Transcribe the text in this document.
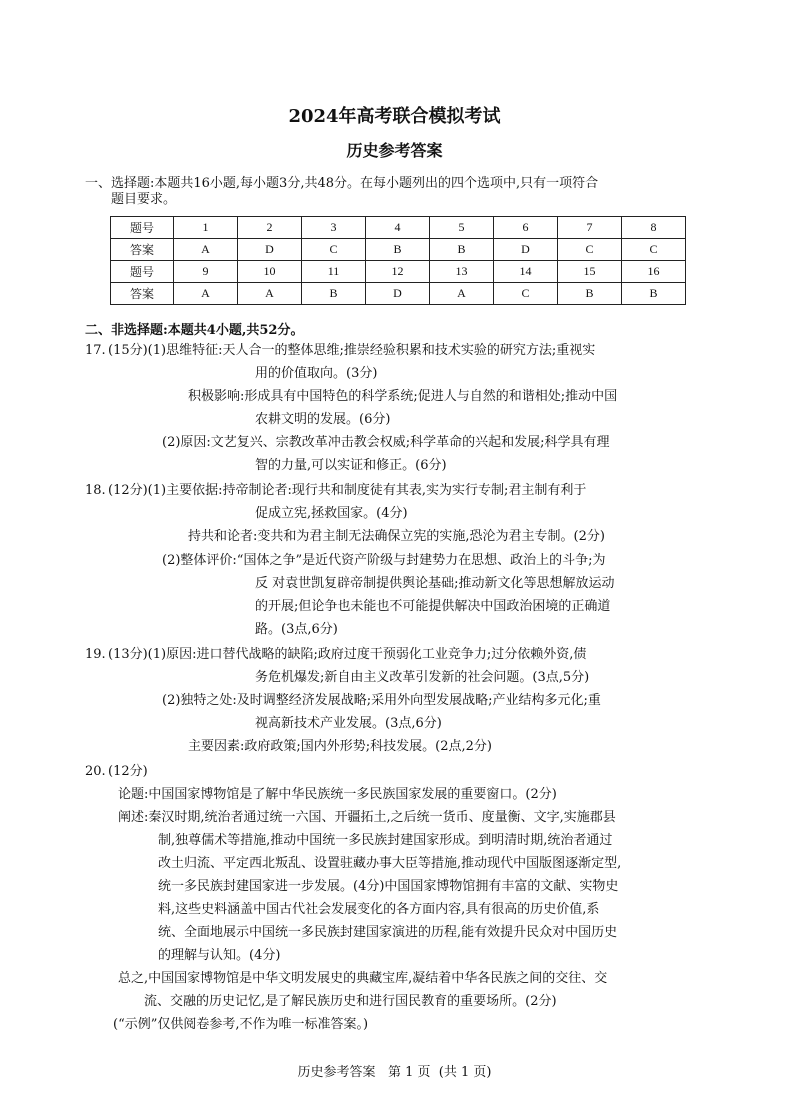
2024年高考联合模拟考试
历史参考答案
一、选择题:本题共16小题,每小题3分,共48分。在每小题列出的四个选项中,只有一项符合
题目要求。
题号	1	2	3	4	5	6	7	8
答案	A	D	C	B	B	D	C	C
题号	9	10	11	12	13	14	15	16
答案	A	A	B	D	A	C	B	B
二、非选择题:本题共4小题,共52分。
17. (15分)(1)思维特征:天人合一的整体思维;推崇经验积累和技术实验的研究方法;重视实
用的价值取向。(3分)
积极影响:形成具有中国特色的科学系统;促进人与自然的和谐相处;推动中国
农耕文明的发展。(6分)
(2)原因:文艺复兴、宗教改革冲击教会权威;科学革命的兴起和发展;科学具有理
智的力量,可以实证和修正。(6分)
18. (12分)(1)主要依据:持帝制论者:现行共和制度徒有其表,实为实行专制;君主制有利于
促成立宪,拯救国家。(4分)
持共和论者:变共和为君主制无法确保立宪的实施,恐沦为君主专制。(2分)
(2)整体评价:“国体之争”是近代资产阶级与封建势力在思想、政治上的斗争;为
反 对袁世凯复辟帝制提供舆论基础;推动新文化等思想解放运动
的开展;但论争也未能也不可能提供解决中国政治困境的正确道
路。(3点,6分)
19. (13分)(1)原因:进口替代战略的缺陷;政府过度干预弱化工业竞争力;过分依赖外资,债
务危机爆发;新自由主义改革引发新的社会问题。(3点,5分)
(2)独特之处:及时调整经济发展战略;采用外向型发展战略;产业结构多元化;重
视高新技术产业发展。(3点,6分)
主要因素:政府政策;国内外形势;科技发展。(2点,2分)
20. (12分)
论题:中国国家博物馆是了解中华民族统一多民族国家发展的重要窗口。(2分)
阐述:秦汉时期,统治者通过统一六国、开疆拓土,之后统一货币、度量衡、文字,实施郡县
制,独尊儒术等措施,推动中国统一多民族封建国家形成。到明清时期,统治者通过
改土归流、平定西北叛乱、设置驻藏办事大臣等措施,推动现代中国版图逐渐定型,
统一多民族封建国家进一步发展。(4分)中国国家博物馆拥有丰富的文献、实物史
料,这些史料涵盖中国古代社会发展变化的各方面内容,具有很高的历史价值,系
统、全面地展示中国统一多民族封建国家演进的历程,能有效提升民众对中国历史
的理解与认知。(4分)
总之,中国国家博物馆是中华文明发展史的典藏宝库,凝结着中华各民族之间的交往、交
流、交融的历史记忆,是了解民族历史和进行国民教育的重要场所。(2分)
(“示例”仅供阅卷参考,不作为唯一标准答案。)
历史参考答案   第 1 页  (共 1 页)
